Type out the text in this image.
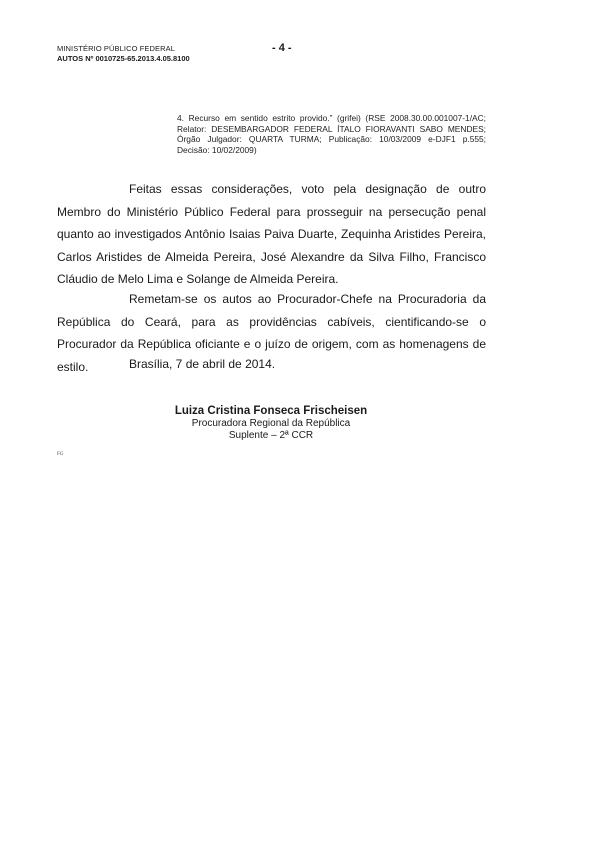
MINISTÉRIO PÚBLICO FEDERAL
AUTOS Nº 0010725-65.2013.4.05.8100
- 4 -

4. Recurso em sentido estrito provido.” (grifei) (RSE 2008.30.00.001007-1/AC; Relator: DESEMBARGADOR FEDERAL ÍTALO FIORAVANTI SABO MENDES; Órgão Julgador: QUARTA TURMA; Publicação: 10/03/2009 e-DJF1 p.555; Decisão: 10/02/2009)

Feitas essas considerações, voto pela designação de outro Membro do Ministério Público Federal para prosseguir na persecução penal quanto ao investigados Antônio Isaias Paiva Duarte, Zequinha Aristides Pereira, Carlos Aristides de Almeida Pereira, José Alexandre da Silva Filho, Francisco Cláudio de Melo Lima e Solange de Almeida Pereira.

Remetam-se os autos ao Procurador-Chefe na Procuradoria da República do Ceará, para as providências cabíveis, cientificando-se o Procurador da República oficiante e o juízo de origem, com as homenagens de estilo.	Brasília, 7 de abril de 2014.
Luiza Cristina Fonseca Frischeisen
Procuradora Regional da República
Suplente – 2ª CCR
FG
